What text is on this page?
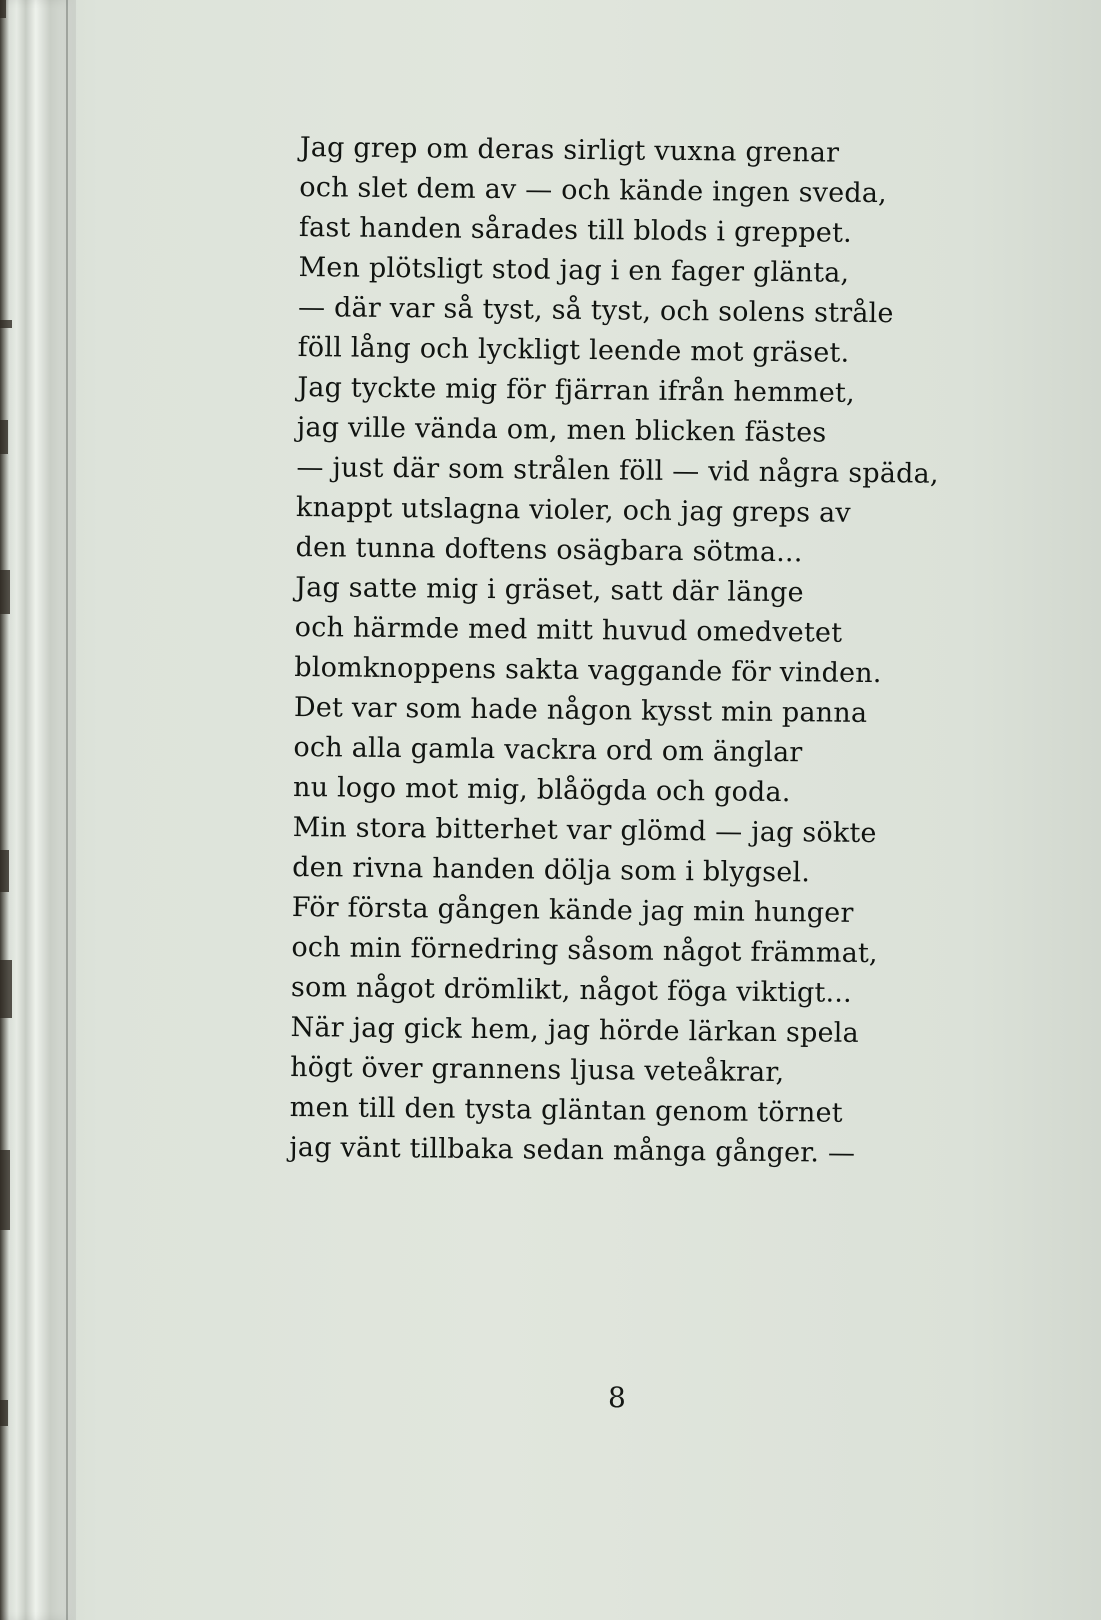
Jag grep om deras sirligt vuxna grenar
och slet dem av — och kände ingen sveda,
fast handen sårades till blods i greppet.
Men plötsligt stod jag i en fager glänta,
— där var så tyst, så tyst, och solens stråle
föll lång och lyckligt leende mot gräset.
Jag tyckte mig för fjärran ifrån hemmet,
jag ville vända om, men blicken fästes
— just där som strålen föll — vid några späda,
knappt utslagna violer, och jag greps av
den tunna doftens osägbara sötma...
Jag satte mig i gräset, satt där länge
och härmde med mitt huvud omedvetet
blomknoppens sakta vaggande för vinden.
Det var som hade någon kysst min panna
och alla gamla vackra ord om änglar
nu logo mot mig, blåögda och goda.
Min stora bitterhet var glömd — jag sökte
den rivna handen dölja som i blygsel.
För första gången kände jag min hunger
och min förnedring såsom något främmat,
som något drömlikt, något föga viktigt...
När jag gick hem, jag hörde lärkan spela
högt över grannens ljusa veteåkrar,
men till den tysta gläntan genom törnet
jag vänt tillbaka sedan många gånger. —
8
